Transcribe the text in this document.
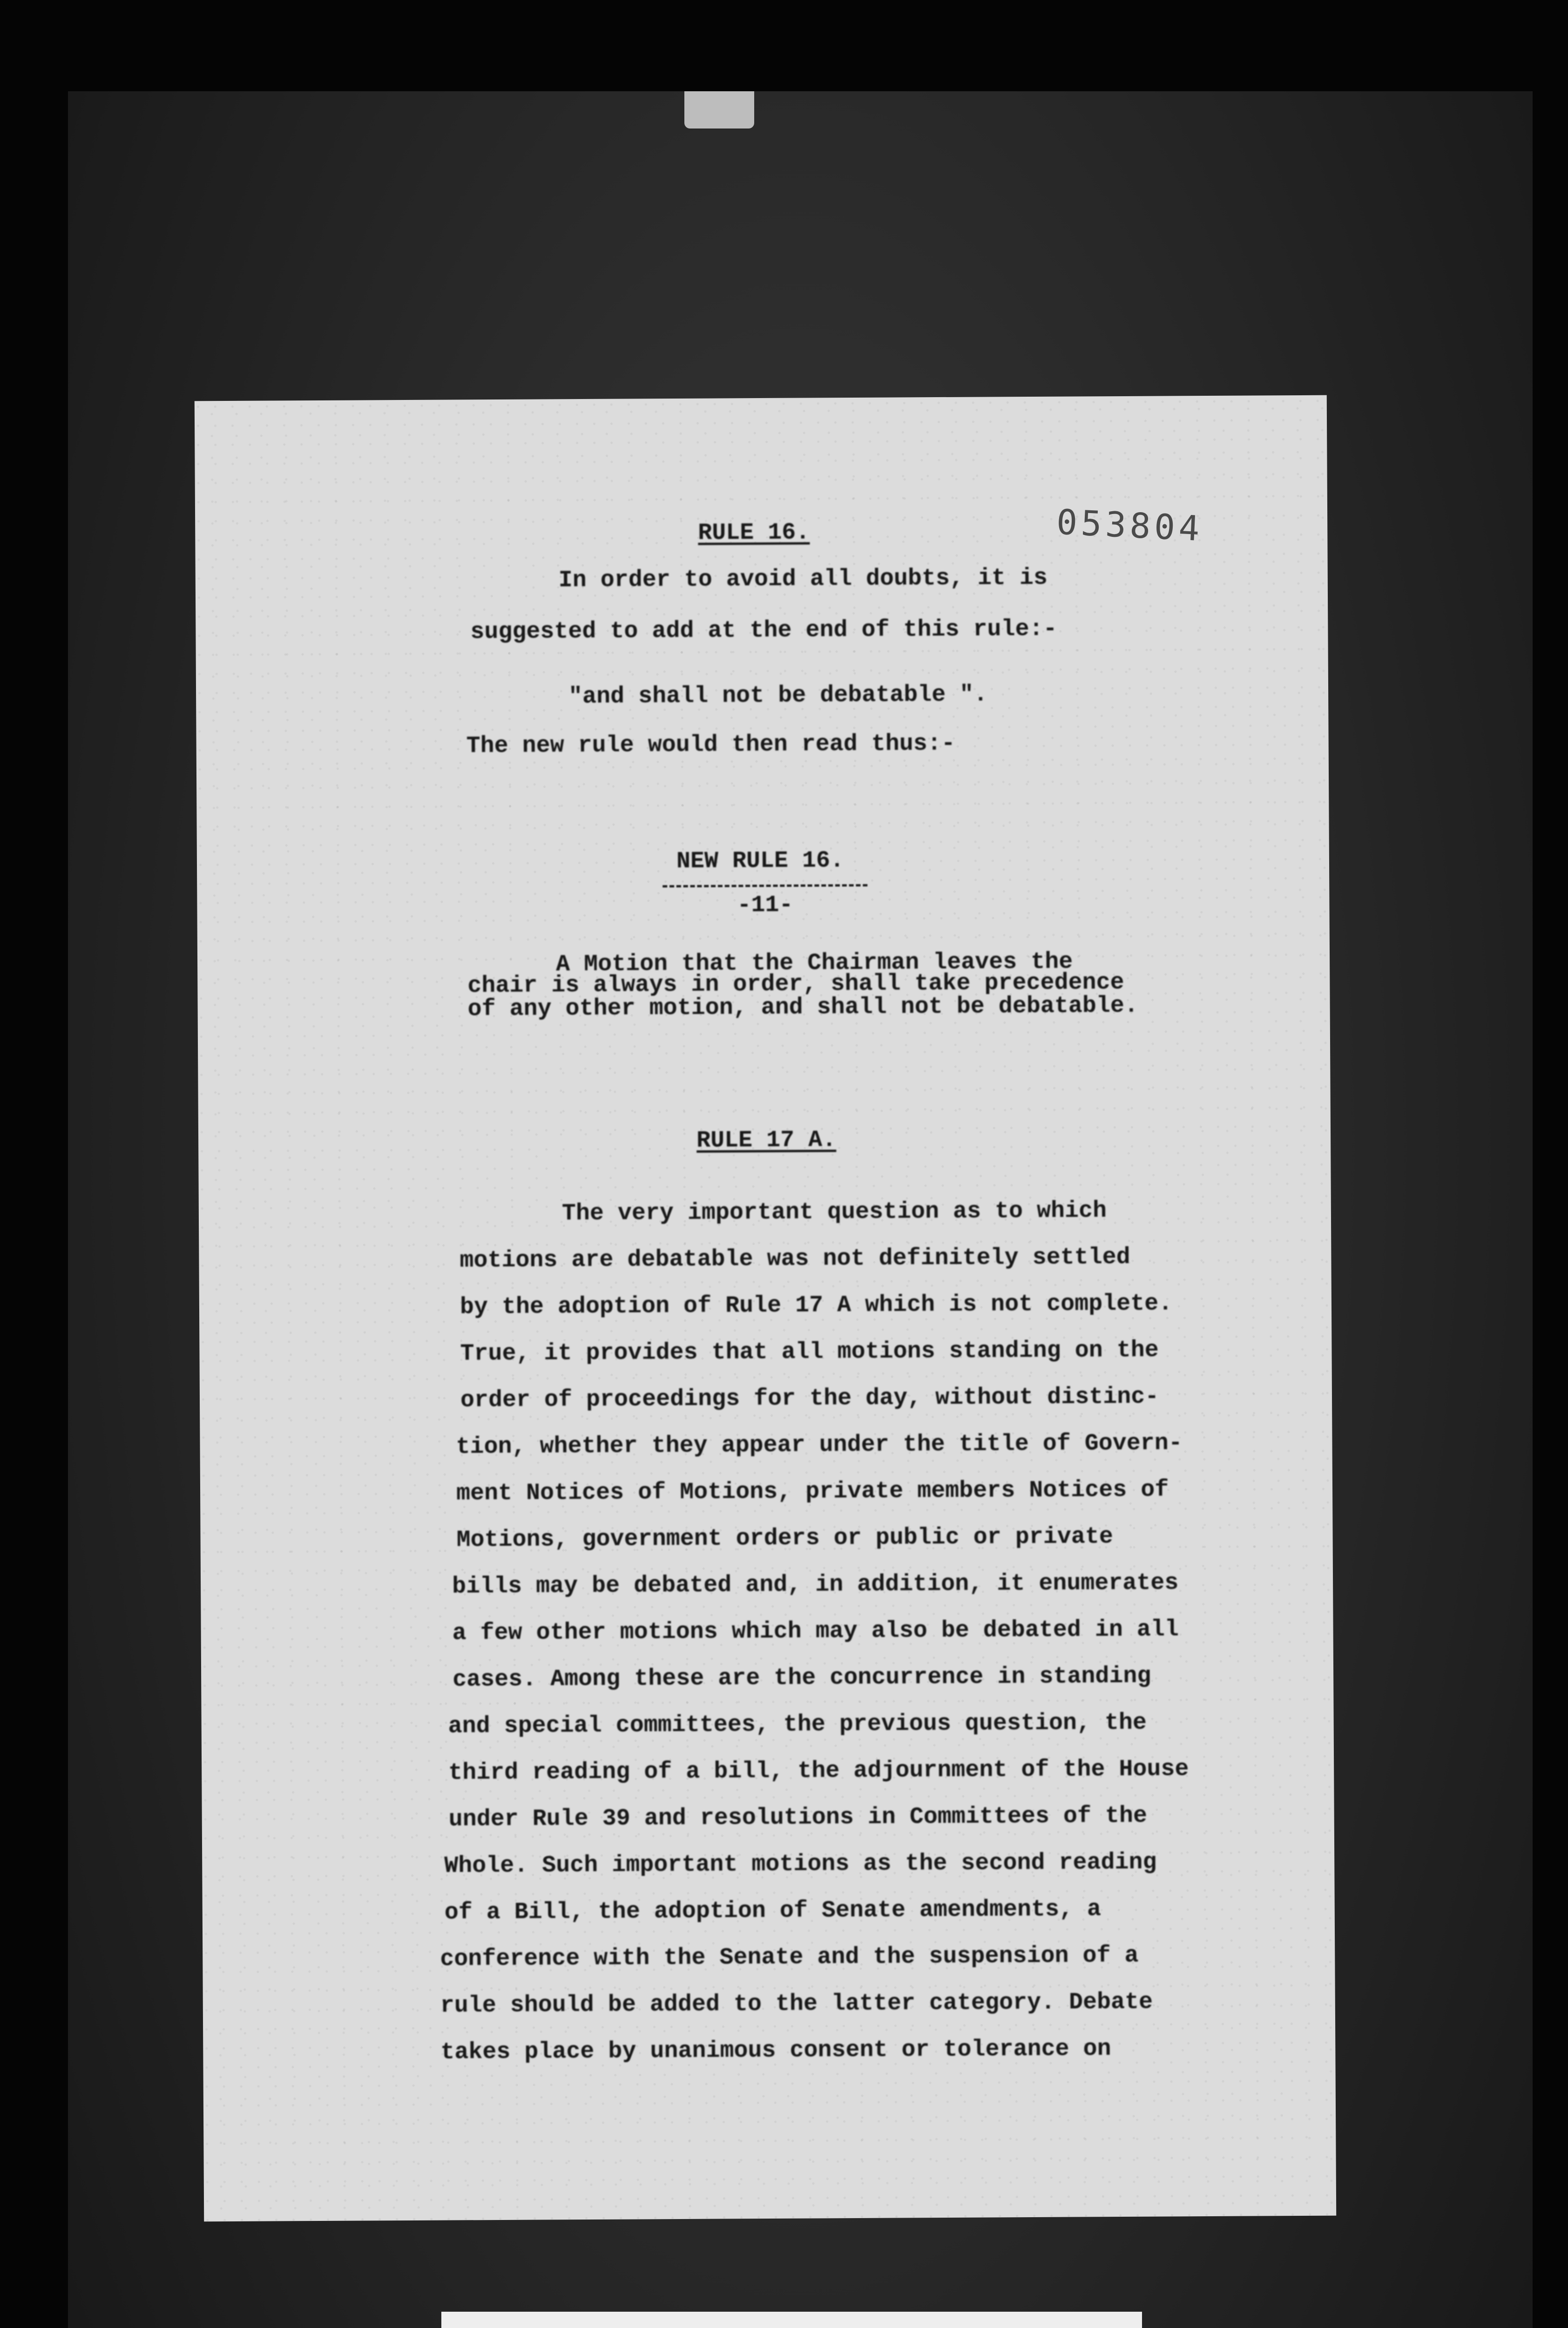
-11-
RULE 16.	053804
In order to avoid all doubts, it is
suggested to add at the end of this rule:-
"and shall not be debatable ".
The new rule would then read thus:-
NEW RULE 16.
A Motion that the Chairman leaves the
chair is always in order, shall take precedence
of any other motion, and shall not be debatable.
RULE 17 A.
The very important question as to which
motions are debatable was not definitely settled
by the adoption of Rule 17 A which is not complete.
True, it provides that all motions standing on the
order of proceedings for the day, without distinc-
tion, whether they appear under the title of Govern-
ment Notices of Motions, private members Notices of
Motions, government orders or public or private
bills may be debated and, in addition, it enumerates
a few other motions which may also be debated in all
cases. Among these are the concurrence in standing
and special committees, the previous question, the
third reading of a bill, the adjournment of the House
under Rule 39 and resolutions in Committees of the
Whole. Such important motions as the second reading
of a Bill, the adoption of Senate amendments, a
conference with the Senate and the suspension of a
rule should be added to the latter category. Debate
takes place by unanimous consent or tolerance on
